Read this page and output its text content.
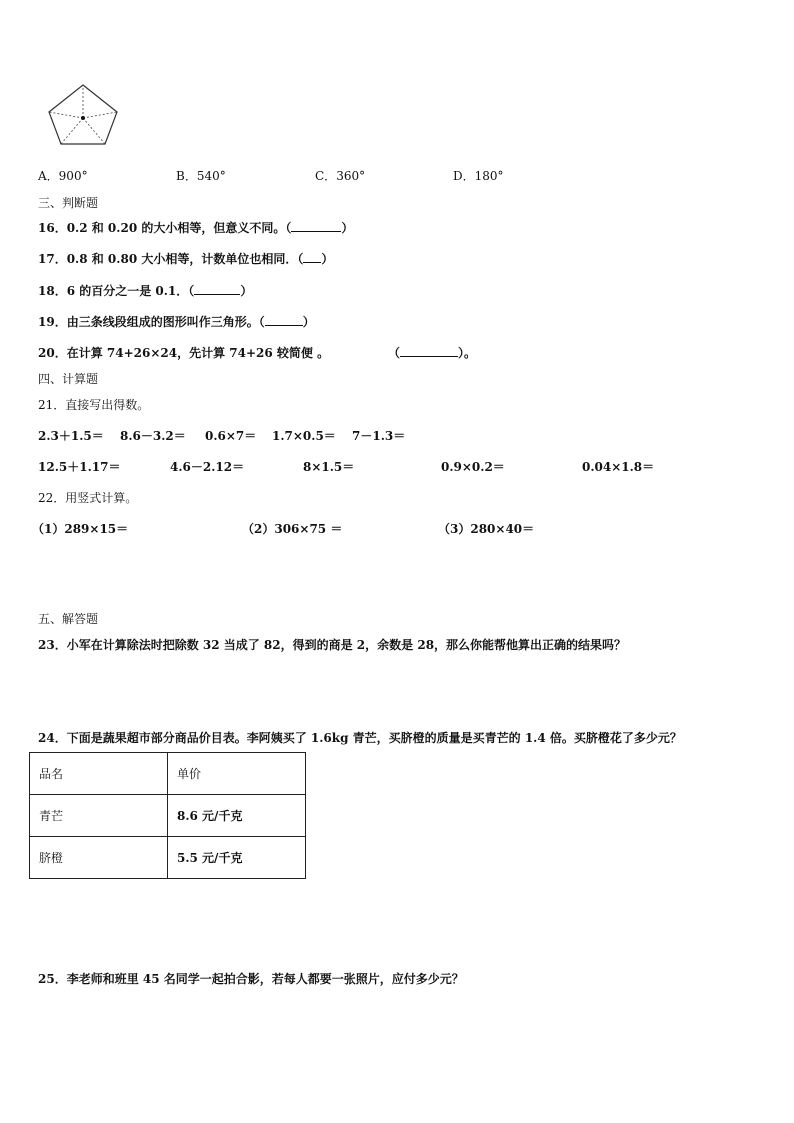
A．900°	B．540°	C．360°	D．180°
三、判断题
16．0.2 和 0.20 的大小相等，但意义不同。（	）
17．0.8 和 0.80 大小相等，计数单位也相同．（ ）
18．6 的百分之一是 0.1．（	）
19．由三条线段组成的图形叫作三角形。（	）
20．在计算 74+26×24，先计算 74+26 较简便 。	（	）。
四、计算题
21．直接写出得数。
2.3＋1.5＝ 8.6－3.2＝ 0.6×7＝ 1.7×0.5＝ 7－1.3＝
12.5＋1.17＝	4.6－2.12＝	8×1.5＝	0.9×0.2＝	0.04×1.8＝
22．用竖式计算。
（1）289×15＝	（2）306×75 ＝	（3）280×40＝
五、解答题
23．小军在计算除法时把除数 32 当成了 82，得到的商是 2，余数是 28，那么你能帮他算出正确的结果吗？
24．下面是蔬果超市部分商品价目表。李阿姨买了 1.6kg 青芒，买脐橙的质量是买青芒的 1.4 倍。买脐橙花了多少元？
品名	单价
青芒	8.6 元/千克
脐橙	5.5 元/千克
25．李老师和班里 45 名同学一起拍合影，若每人都要一张照片，应付多少元？
